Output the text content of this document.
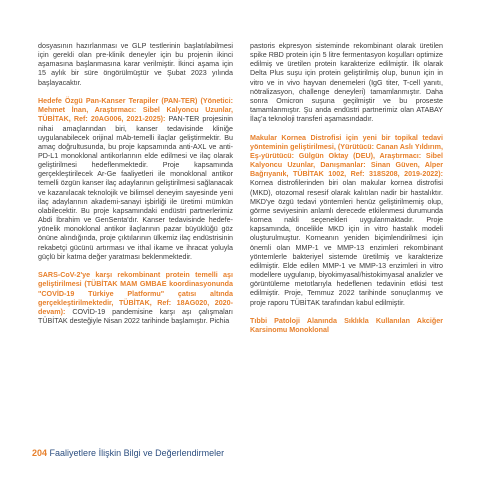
dosyasının hazırlanması ve GLP testlerinin başlatılabilmesi için gerekli olan pre-klinik deneyler için bu projenin ikinci aşamasına başlanmasına karar verilmiştir. İkinci aşama için 15 aylık bir süre öngörülmüştür ve Şubat 2023 yılında başlayacaktır.

Hedefe Özgü Pan-Kanser Terapiler (PAN-TER) (Yönetici: Mehmet İnan, Araştırmacı: Sibel Kalyoncu Uzunlar, TÜBİTAK, Ref: 20AG006, 2021-2025): PAN-TER projesinin nihai amaçlarından biri, kanser tedavisinde kliniğe uygulanabilecek orijinal mAb-temelli ilaçlar geliştirmektir. Bu amaç doğrultusunda, bu proje kapsamında anti-AXL ve anti-PD-L1 monoklonal antikorlarının elde edilmesi ve ilaç olarak geliştirilmesi hedeflenmektedir. Proje kapsamında gerçekleştirilecek Ar-Ge faaliyetleri ile monoklonal antikor temelli özgün kanser ilaç adaylarının geliştirilmesi sağlanacak ve kazanılacak teknolojik ve bilimsel deneyim sayesinde yeni ilaç adaylarının akademi-sanayi işbirliği ile üretimi mümkün olabilecektir. Bu proje kapsamındaki endüstri partnerlerimiz Abdi İbrahim ve GenSenta'dır. Kanser tedavisinde hedefe-yönelik monoklonal antikor ilaçlarının pazar büyüklüğü göz önüne alındığında, proje çıktılarının ülkemiz ilaç endüstrisinin rekabetçi gücünü artırması ve ithal ikame ve ihracat yoluyla güçlü bir katma değer yaratması beklenmektedir.

SARS-CoV-2'ye karşı rekombinant protein temelli aşı geliştirilmesi (TÜBİTAK MAM GMBAE koordinasyonunda "COVİD-19 Türkiye Platformu" çatısı altında gerçekleştirilmektedir, TÜBİTAK, Ref: 18AG020, 2020-devam): COVİD-19 pandemisine karşı aşı çalışmaları TÜBİTAK desteğiyle Nisan 2022 tarihinde başlamıştır. Pichia

pastoris ekpresyon sisteminde rekombinant olarak üretilen spike RBD protein için 5 litre fermentasyon koşulları optimize edilmiş ve üretilen protein karakterize edilmiştir. İlk olarak Delta Plus suşu için protein geliştirilmiş olup, bunun için in vitro ve in vivo hayvan denemeleri (IgG titer, T-cell yanıtı, nötralizasyon, challenge deneyleri) tamamlanmıştır. Daha sonra Omicron suşuna geçilmiştir ve bu proseste tamamlanmıştır. Şu anda endüstri partnerimiz olan ATABAY İlaç'a teknoloji transferi aşamasındadır.

Makular Kornea Distrofisi için yeni bir topikal tedavi yönteminin geliştirilmesi, (Yürütücü: Canan Aslı Yıldırım, Eş-yürütücü: Gülgün Oktay (DEU), Araştırmacı: Sibel Kalyoncu Uzunlar, Danışmanlar: Sinan Güven, Alper Bağrıyanık, TÜBİTAK 1002, Ref: 318S208, 2019-2022): Kornea distrofilerinden biri olan makular kornea distrofisi (MKD), otozomal resesif olarak kalıtılan nadir bir hastalıktır. MKD'ye özgü tedavi yöntemleri henüz geliştirilmemiş olup, görme seviyesinin anlamlı derecede etkilenmesi durumunda kornea nakli seçenekleri uygulanmaktadır. Proje kapsamında, öncelikle MKD için in vitro hastalık modeli oluşturulmuştur. Korneanın yeniden biçimlendirilmesi için önemli olan MMP-1 ve MMP-13 enzimleri rekombinant yöntemlerle bakteriyel sistemde üretilmiş ve karakterize edilmiştir. Elde edilen MMP-1 ve MMP-13 enzimleri in vitro modellere uygulanıp, biyokimyasal/histokimyasal analizler ve görüntüleme metotlarıyla hedeflenen tedavinin etkisi test edilmiştir. Proje, Temmuz 2022 tarihinde sonuçlanmış ve proje raporu TÜBİTAK tarafından kabul edilmiştir.

Tıbbi Patoloji Alanında Sıklıkla Kullanılan Akciğer Karsinomu Monoklonal

204 Faaliyetlere İlişkin Bilgi ve Değerlendirmeler
